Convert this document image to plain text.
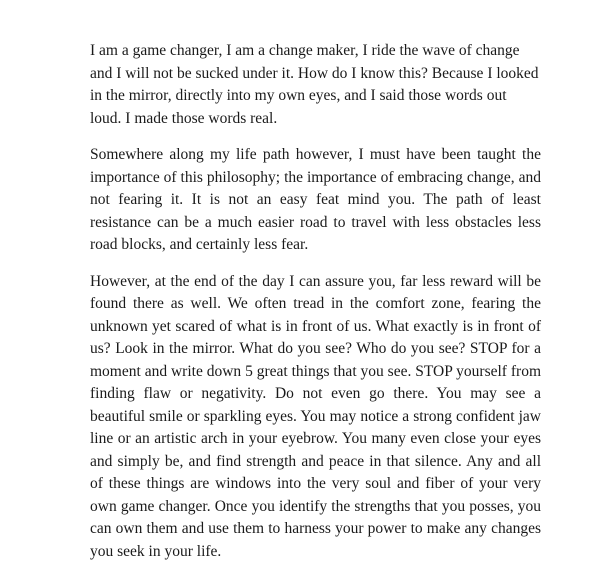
I am a game changer, I am a change maker, I ride the wave of change and I will not be sucked under it. How do I know this? Because I looked in the mirror, directly into my own eyes, and I said those words out loud. I made those words real.

Somewhere along my life path however, I must have been taught the importance of this philosophy; the importance of embracing change, and not fearing it. It is not an easy feat mind you. The path of least resistance can be a much easier road to travel with less obstacles less road blocks, and certainly less fear.

However, at the end of the day I can assure you, far less reward will be found there as well. We often tread in the comfort zone, fearing the unknown yet scared of what is in front of us. What exactly is in front of us? Look in the mirror. What do you see? Who do you see? STOP for a moment and write down 5 great things that you see. STOP yourself from finding flaw or negativity. Do not even go there. You may see a beautiful smile or sparkling eyes. You may notice a strong confident jaw line or an artistic arch in your eyebrow. You many even close your eyes and simply be, and find strength and peace in that silence. Any and all of these things are windows into the very soul and fiber of your very own game changer. Once you identify the strengths that you posses, you can own them and use them to harness your power to make any changes you seek in your life.
